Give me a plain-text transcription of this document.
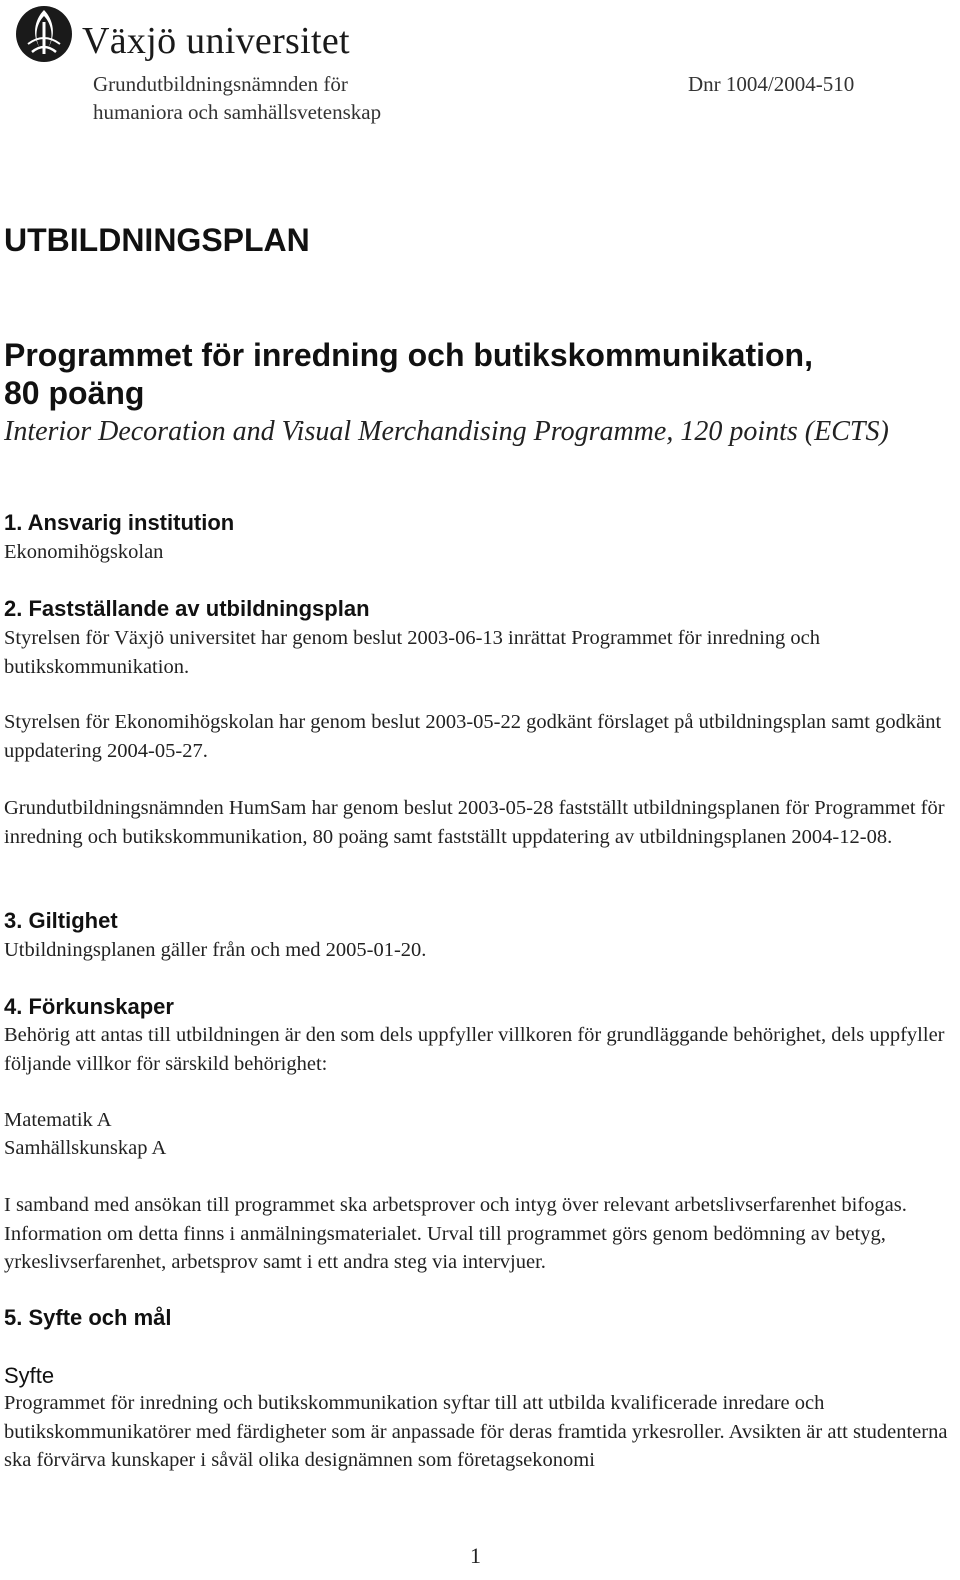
Växjö universitet
Grundutbildningsnämnden för
humaniora och samhällsvetenskap
Dnr 1004/2004-510
UTBILDNINGSPLAN
Programmet för inredning och butikskommunikation,
80 poäng
Interior Decoration and Visual Merchandising Programme, 120 points (ECTS)
1. Ansvarig institution
Ekonomihögskolan
2. Fastställande av utbildningsplan
Styrelsen för Växjö universitet har genom beslut 2003-06-13 inrättat Programmet för inredning och butikskommunikation.
Styrelsen för Ekonomihögskolan har genom beslut 2003-05-22 godkänt förslaget på utbildningsplan samt godkänt uppdatering 2004-05-27.
Grundutbildningsnämnden HumSam har genom beslut 2003-05-28 fastställt utbildningsplanen för Programmet för inredning och butikskommunikation, 80 poäng samt fastställt uppdatering av utbildningsplanen 2004-12-08.
3. Giltighet
Utbildningsplanen gäller från och med 2005-01-20.
4. Förkunskaper
Behörig att antas till utbildningen är den som dels uppfyller villkoren för grundläggande behörighet, dels uppfyller följande villkor för särskild behörighet:
Matematik A
Samhällskunskap A
I samband med ansökan till programmet ska arbetsprover och intyg över relevant arbetslivserfarenhet bifogas. Information om detta finns i anmälningsmaterialet. Urval till programmet görs genom bedömning av betyg, yrkeslivserfarenhet, arbetsprov samt i ett andra steg via intervjuer.
5. Syfte och mål
Syfte
Programmet för inredning och butikskommunikation syftar till att utbilda kvalificerade inredare och butikskommunikatörer med färdigheter som är anpassade för deras framtida yrkesroller. Avsikten är att studenterna ska förvärva kunskaper i såväl olika designämnen som företagsekonomi
1
